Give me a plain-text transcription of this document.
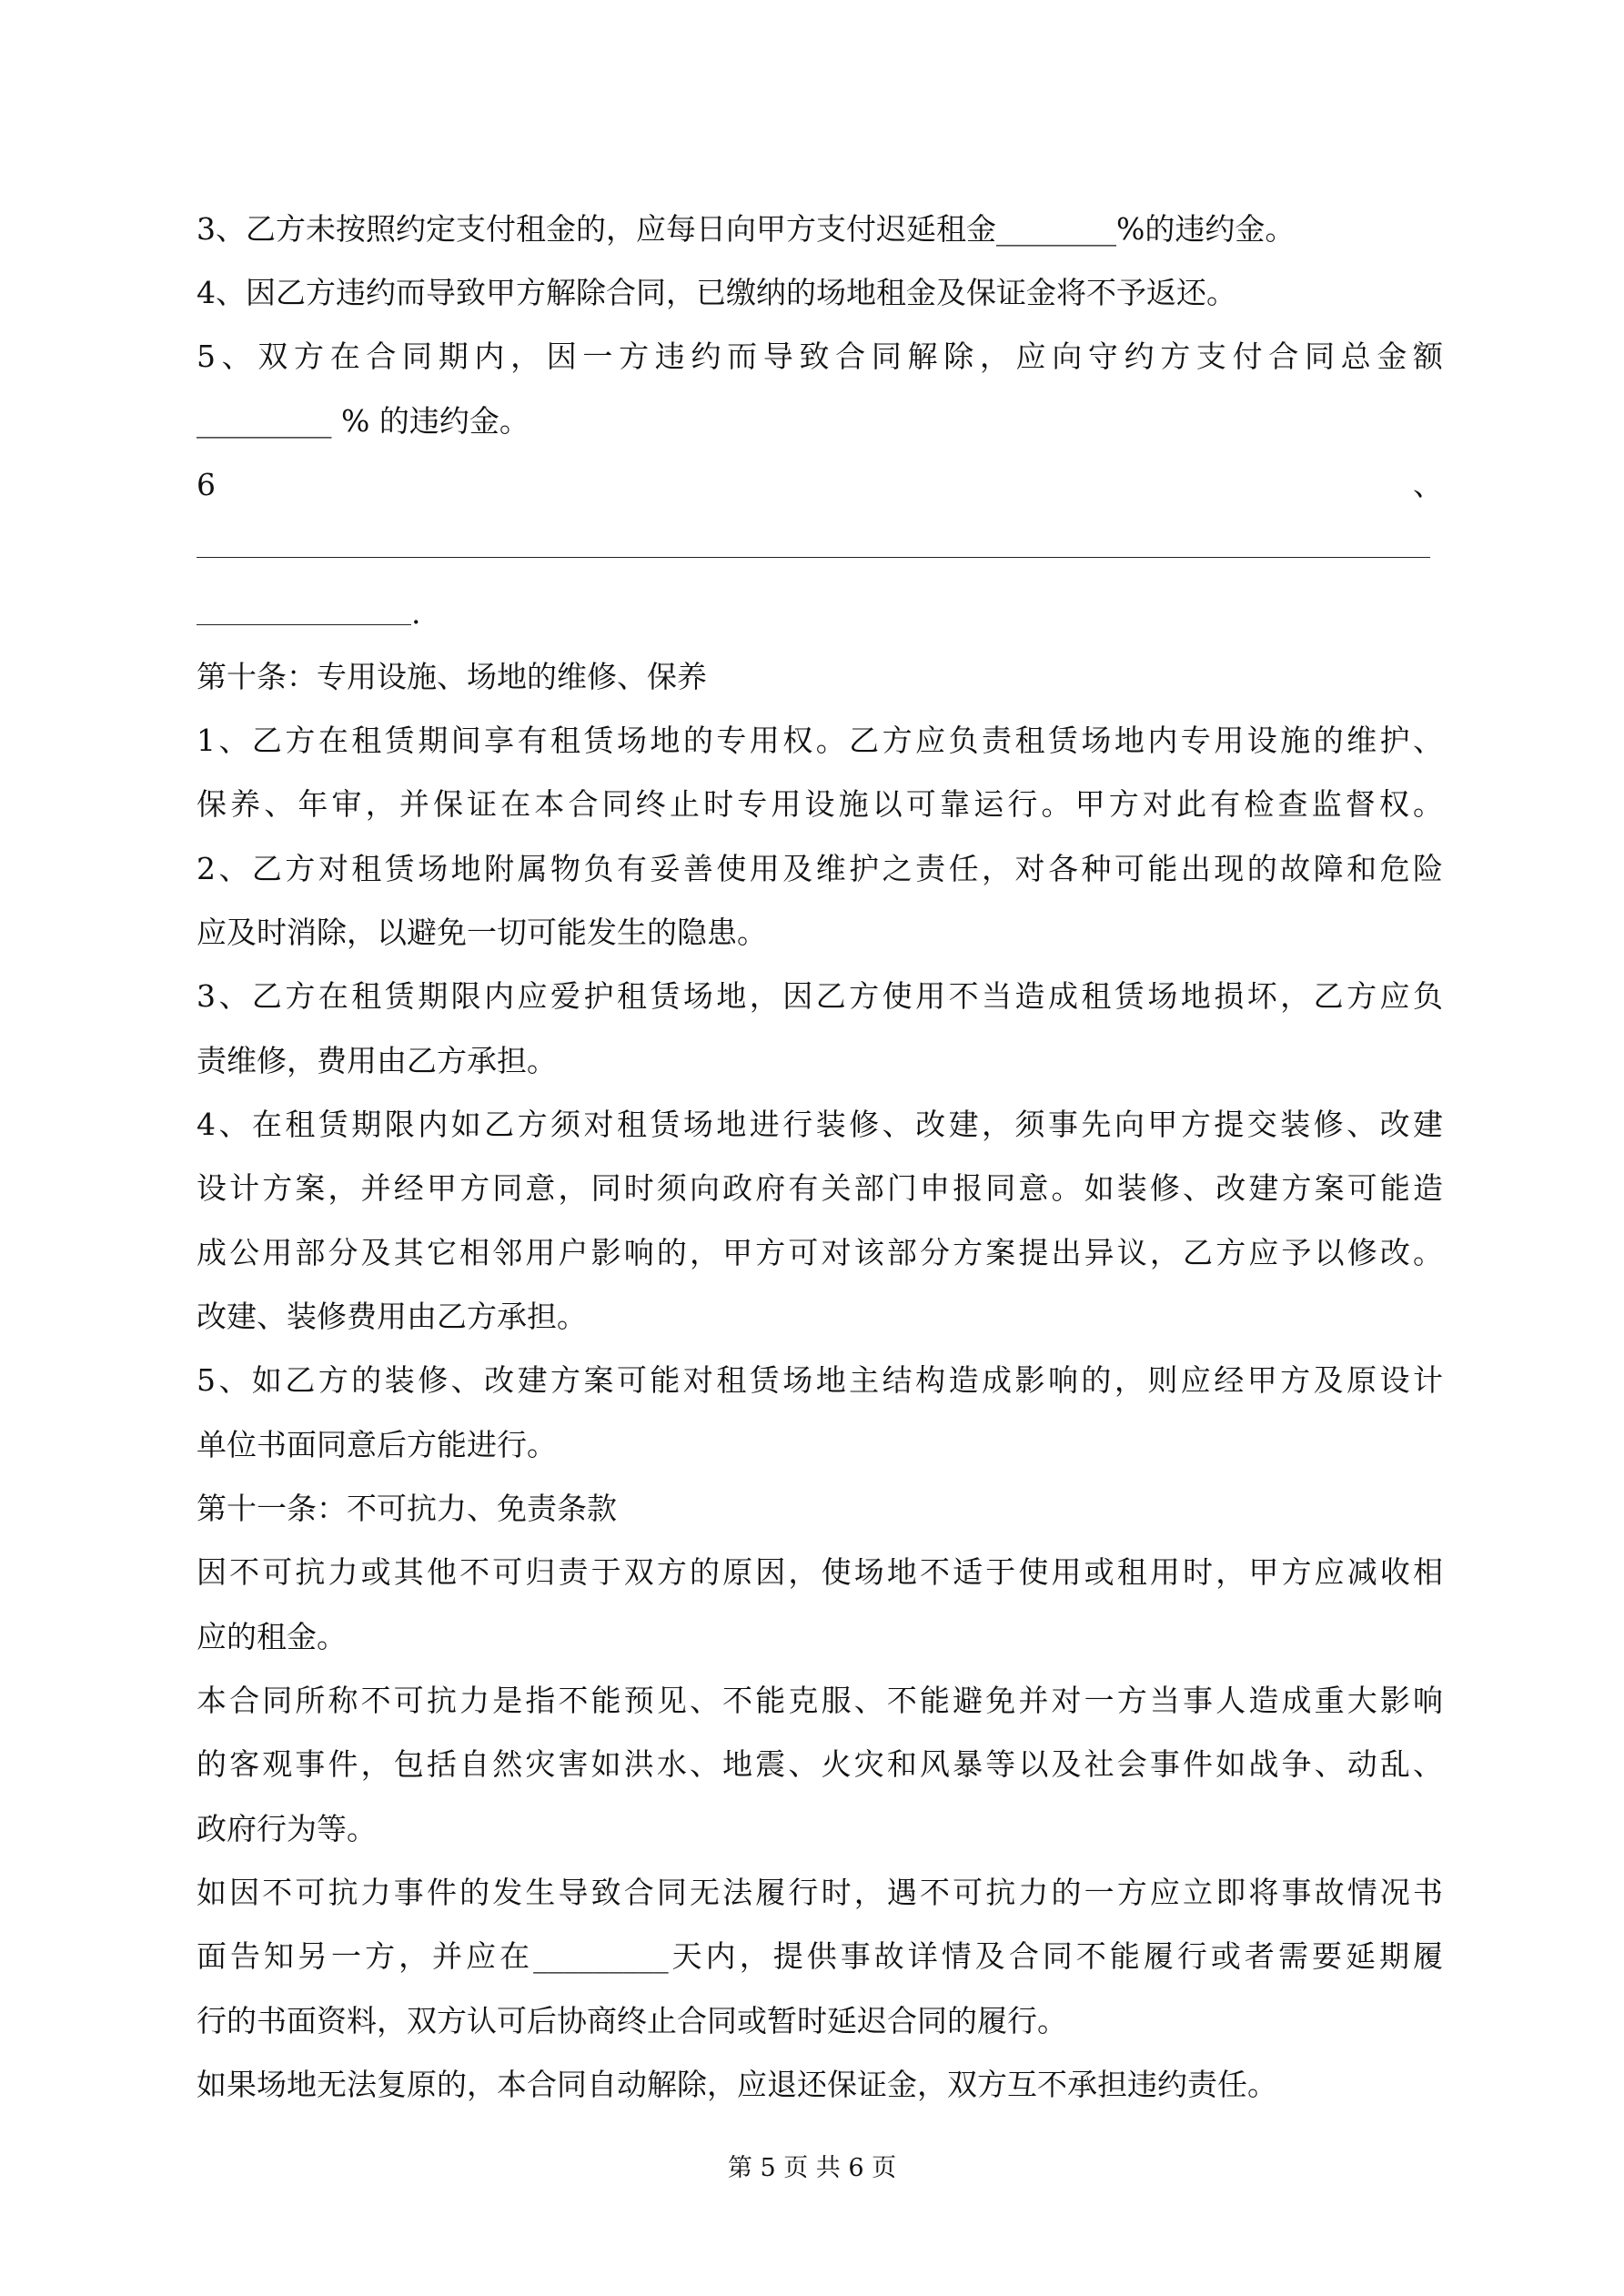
3、乙方未按照约定支付租金的，应每日向甲方支付迟延租金________%的违约金。
4、因乙方违约而导致甲方解除合同，已缴纳的场地租金及保证金将不予返还。
5、双方在合同期内，因一方违约而导致合同解除，应向守约方支付合同总金额
_________ % 的违约金。
6	、
.
第十条：专用设施、场地的维修、保养
1、乙方在租赁期间享有租赁场地的专用权。乙方应负责租赁场地内专用设施的维护、
保养、年审，并保证在本合同终止时专用设施以可靠运行。甲方对此有检查监督权。
2、乙方对租赁场地附属物负有妥善使用及维护之责任，对各种可能出现的故障和危险
应及时消除，以避免一切可能发生的隐患。
3、乙方在租赁期限内应爱护租赁场地，因乙方使用不当造成租赁场地损坏，乙方应负
责维修，费用由乙方承担。
4、在租赁期限内如乙方须对租赁场地进行装修、改建，须事先向甲方提交装修、改建
设计方案，并经甲方同意，同时须向政府有关部门申报同意。如装修、改建方案可能造
成公用部分及其它相邻用户影响的，甲方可对该部分方案提出异议，乙方应予以修改。
改建、装修费用由乙方承担。
5、如乙方的装修、改建方案可能对租赁场地主结构造成影响的，则应经甲方及原设计
单位书面同意后方能进行。
第十一条：不可抗力、免责条款
因不可抗力或其他不可归责于双方的原因，使场地不适于使用或租用时，甲方应减收相
应的租金。
本合同所称不可抗力是指不能预见、不能克服、不能避免并对一方当事人造成重大影响
的客观事件，包括自然灾害如洪水、地震、火灾和风暴等以及社会事件如战争、动乱、
政府行为等。
如因不可抗力事件的发生导致合同无法履行时，遇不可抗力的一方应立即将事故情况书
面告知另一方，并应在_________天内，提供事故详情及合同不能履行或者需要延期履
行的书面资料，双方认可后协商终止合同或暂时延迟合同的履行。
如果场地无法复原的，本合同自动解除，应退还保证金，双方互不承担违约责任。
第 5 页 共 6 页
